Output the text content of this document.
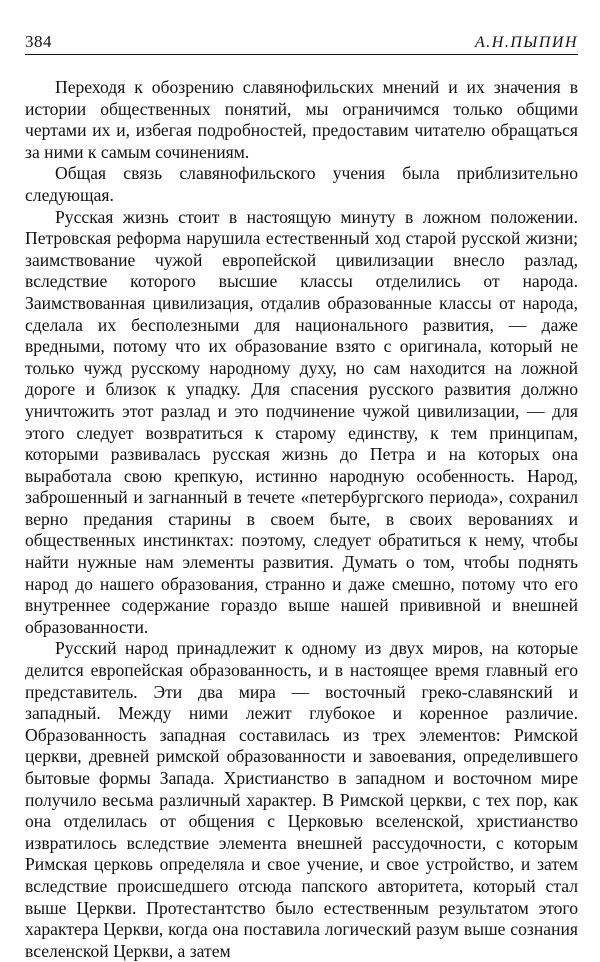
384	А.Н.ПЫПИН

Переходя к обозрению славянофильских мнений и их значения в истории общественных понятий, мы ограничимся только общими чертами их и, избегая подробностей, предоставим читателю обращаться за ними к самым сочинениям.

Общая связь славянофильского учения была приблизительно следующая.

Русская жизнь стоит в настоящую минуту в ложном положении. Петровская реформа нарушила естественный ход старой русской жизни; заимствование чужой европейской цивилизации внесло разлад, вследствие которого высшие классы отделились от народа. Заимствованная цивилизация, отдалив образованные классы от народа, сделала их бесполезными для национального развития, — даже вредными, потому что их образование взято с оригинала, который не только чужд русскому народному духу, но сам находится на ложной дороге и близок к упадку. Для спасения русского развития должно уничтожить этот разлад и это подчинение чужой цивилизации, — для этого следует возвратиться к старому единству, к тем принципам, которыми развивалась русская жизнь до Петра и на которых она выработала свою крепкую, истинно народную особенность. Народ, заброшенный и загнанный в течете «петербургского периода», сохранил верно предания старины в своем быте, в своих верованиях и общественных инстинктах: поэтому, следует обратиться к нему, чтобы найти нужные нам элементы развития. Думать о том, чтобы поднять народ до нашего образования, странно и даже смешно, потому что его внутреннее содержание гораздо выше нашей прививной и внешней образованности.

Русский народ принадлежит к одному из двух миров, на которые делится европейская образованность, и в настоящее время главный его представитель. Эти два мира — восточный греко-славянский и западный. Между ними лежит глубокое и коренное различие. Образованность западная составилась из трех элементов: Римской церкви, древней римской образованности и завоевания, определившего бытовые формы Запада. Христианство в западном и восточном мире получило весьма различный характер. В Римской церкви, с тех пор, как она отделилась от общения с Церковью вселенской, христианство извратилось вследствие элемента внешней рассудочности, с которым Римская церковь определяла и свое учение, и свое устройство, и затем вследствие происшедшего отсюда папского авторитета, который стал выше Церкви. Протестантство было естественным результатом этого характера Церкви, когда она поставила логический разум выше сознания вселенской Церкви, а затем
